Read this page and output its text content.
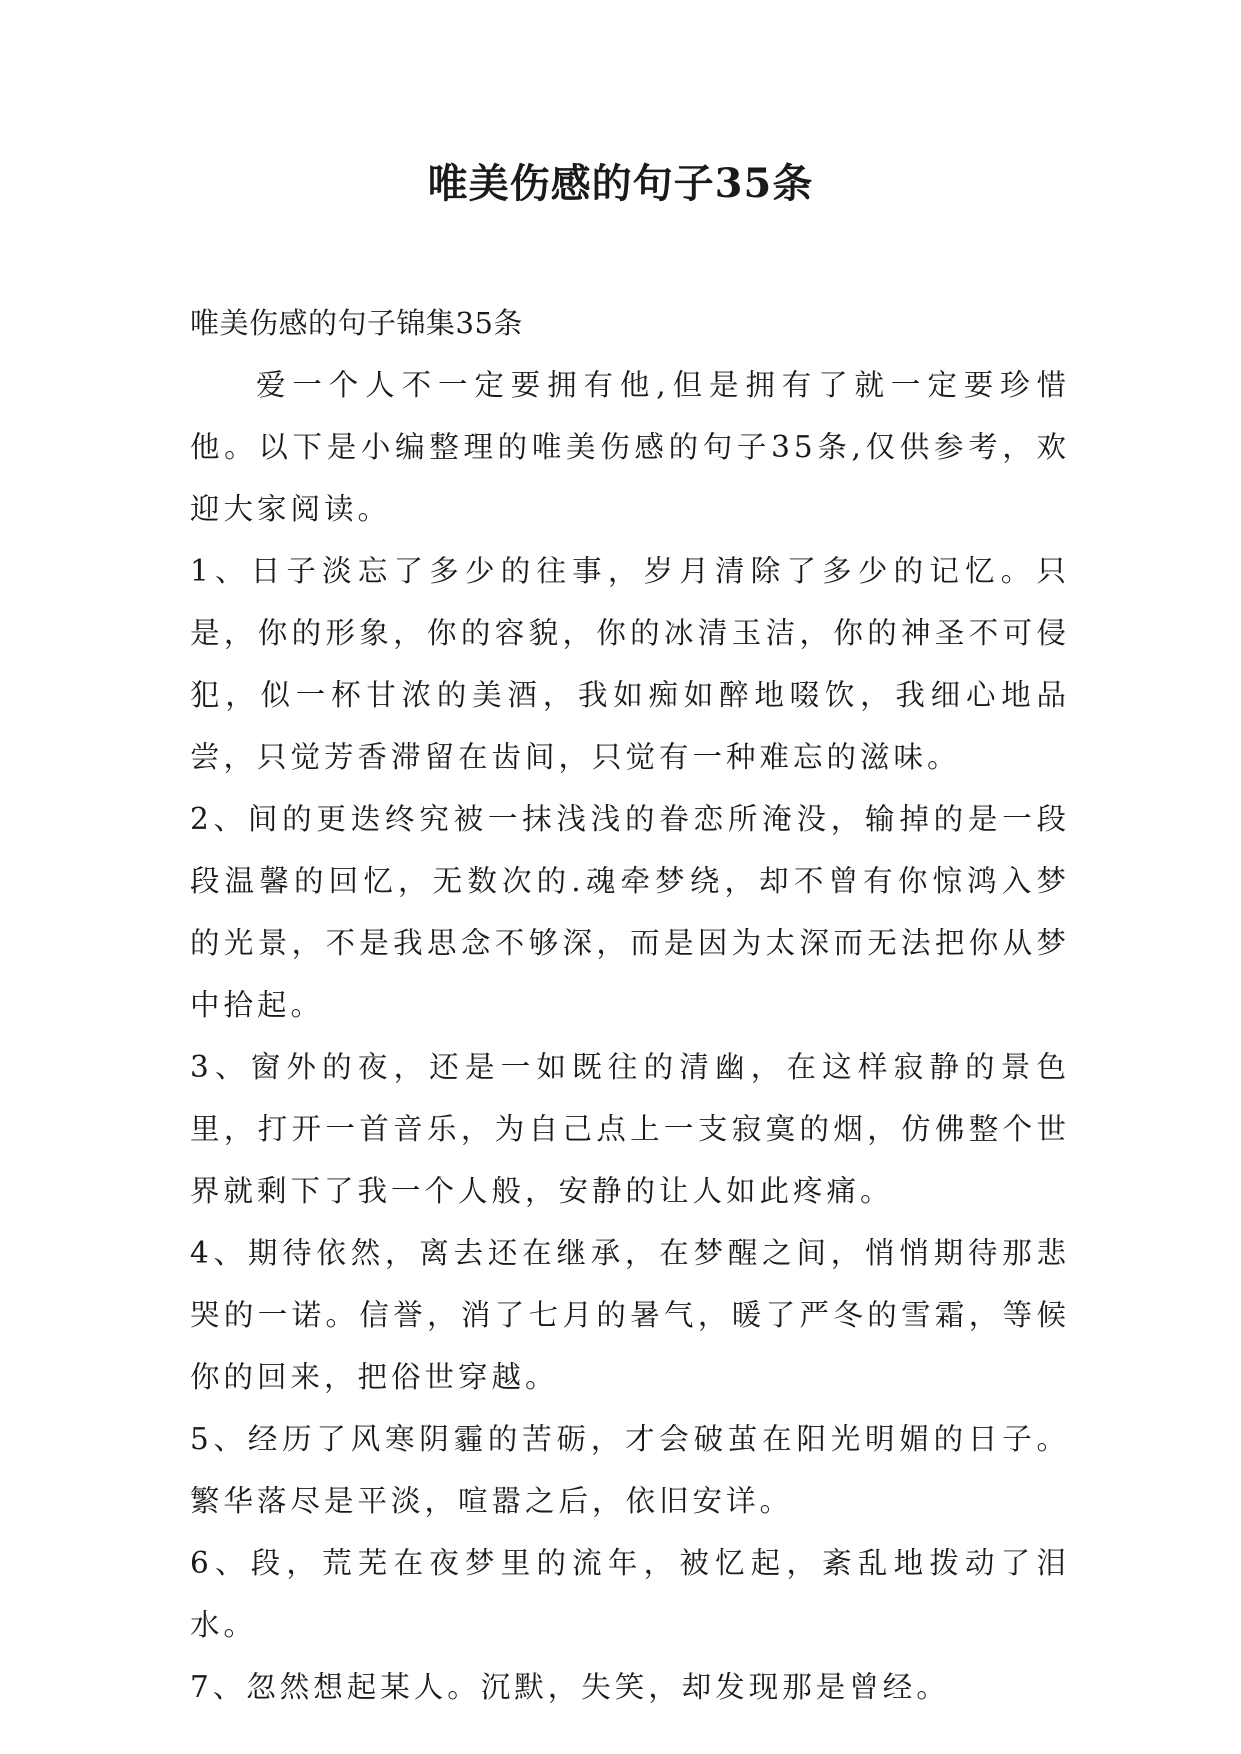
唯美伤感的句子35条

唯美伤感的句子锦集35条

爱一个人不一定要拥有他,但是拥有了就一定要珍惜他。以下是小编整理的唯美伤感的句子35条,仅供参考，欢迎大家阅读。

1、日子淡忘了多少的往事，岁月清除了多少的记忆。只是，你的形象，你的容貌，你的冰清玉洁，你的神圣不可侵犯，似一杯甘浓的美酒，我如痴如醉地啜饮，我细心地品尝，只觉芳香滞留在齿间，只觉有一种难忘的滋味。

2、间的更迭终究被一抹浅浅的眷恋所淹没，输掉的是一段段温馨的回忆，无数次的.魂牵梦绕，却不曾有你惊鸿入梦的光景，不是我思念不够深，而是因为太深而无法把你从梦中拾起。

3、窗外的夜，还是一如既往的清幽，在这样寂静的景色里，打开一首音乐，为自己点上一支寂寞的烟，仿佛整个世界就剩下了我一个人般，安静的让人如此疼痛。

4、期待依然，离去还在继承，在梦醒之间，悄悄期待那悲哭的一诺。信誉，消了七月的暑气，暖了严冬的雪霜，等候你的回来，把俗世穿越。

5、经历了风寒阴霾的苦砺，才会破茧在阳光明媚的日子。繁华落尽是平淡，喧嚣之后，依旧安详。

6、段，荒芜在夜梦里的流年，被忆起，紊乱地拨动了泪水。

7、忽然想起某人。沉默，失笑，却发现那是曾经。
